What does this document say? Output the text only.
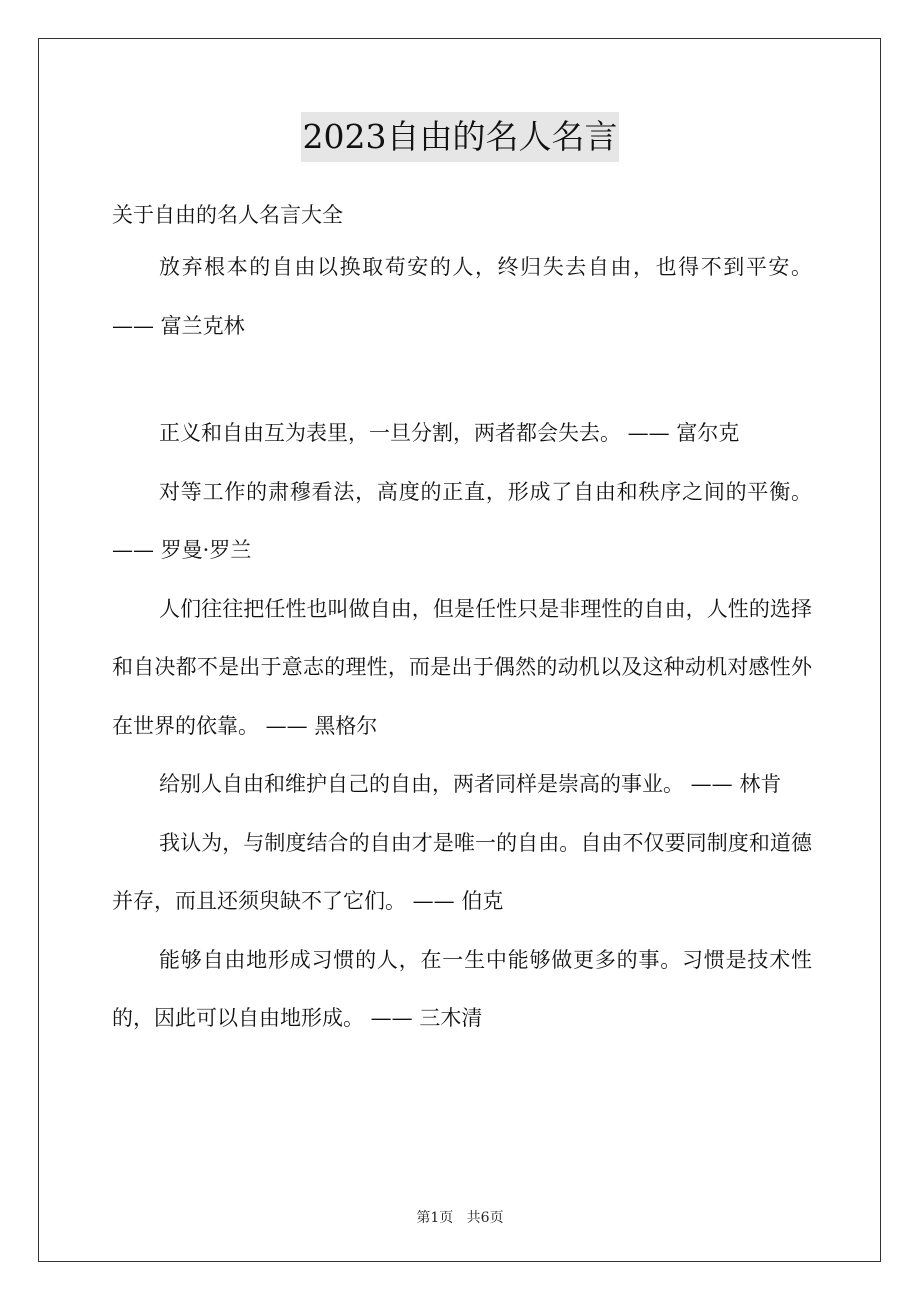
2023自由的名人名言

关于自由的名人名言大全

放弃根本的自由以换取苟安的人，终归失去自由，也得不到平安。 —— 富兰克林

正义和自由互为表里，一旦分割，两者都会失去。 —— 富尔克

对等工作的肃穆看法，高度的正直，形成了自由和秩序之间的平衡。 —— 罗曼·罗兰

人们往往把任性也叫做自由，但是任性只是非理性的自由，人性的选择和自决都不是出于意志的理性，而是出于偶然的动机以及这种动机对感性外在世界的依靠。 —— 黑格尔

给别人自由和维护自己的自由，两者同样是崇高的事业。 —— 林肯

我认为，与制度结合的自由才是唯一的自由。自由不仅要同制度和道德并存，而且还须臾缺不了它们。 —— 伯克

能够自由地形成习惯的人，在一生中能够做更多的事。习惯是技术性的，因此可以自由地形成。 —— 三木清

第1页 共6页
